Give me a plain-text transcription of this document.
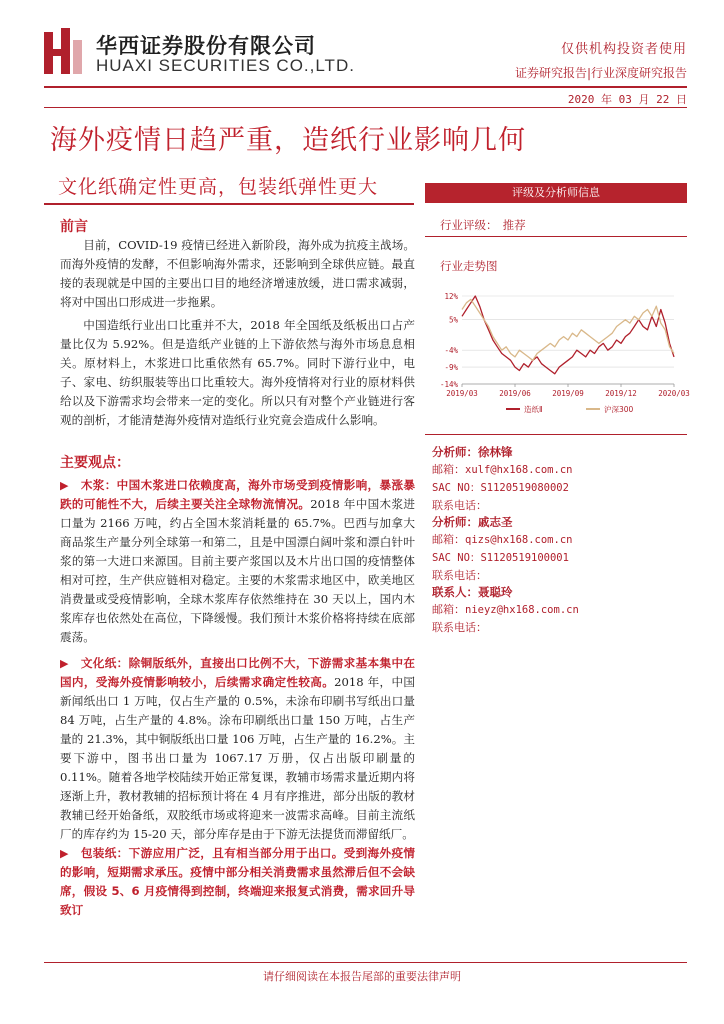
华西证券股份有限公司
HUAXI SECURITIES CO.,LTD.
仅供机构投资者使用
证券研究报告|行业深度研究报告
2020 年 03 月 22 日
海外疫情日趋严重，造纸行业影响几何
文化纸确定性更高，包装纸弹性更大
前言
目前，COVID-19 疫情已经进入新阶段，海外成为抗疫主战场。而海外疫情的发酵，不但影响海外需求，还影响到全球供应链。最直接的表现就是中国的主要出口目的地经济增速放缓，进口需求减弱，将对中国出口形成进一步拖累。
中国造纸行业出口比重并不大，2018 年全国纸及纸板出口占产量比仅为 5.92%。但是造纸产业链的上下游依然与海外市场息息相关。原材料上，木浆进口比重依然有 65.7%。同时下游行业中，电子、家电、纺织服装等出口比重较大。海外疫情将对行业的原材料供给以及下游需求均会带来一定的变化。所以只有对整个产业链进行客观的剖析，才能清楚海外疫情对造纸行业究竟会造成什么影响。
主要观点：
▶ 木浆：中国木浆进口依赖度高，海外市场受到疫情影响，暴涨暴跌的可能性不大，后续主要关注全球物流情况。2018 年中国木浆进口量为 2166 万吨，约占全国木浆消耗量的 65.7%。巴西与加拿大商品浆生产量分列全球第一和第二，且是中国漂白阔叶浆和漂白针叶浆的第一大进口来源国。目前主要产浆国以及木片出口国的疫情整体相对可控，生产供应链相对稳定。主要的木浆需求地区中，欧美地区消费量或受疫情影响，全球木浆库存依然维持在 30 天以上，国内木浆库存也依然处在高位，下降缓慢。我们预计木浆价格将持续在底部震荡。
▶ 文化纸：除铜版纸外，直接出口比例不大，下游需求基本集中在国内，受海外疫情影响较小，后续需求确定性较高。2018 年，中国新闻纸出口 1 万吨，仅占生产量的 0.5%，未涂布印刷书写纸出口量 84 万吨，占生产量的 4.8%。涂布印刷纸出口量 150 万吨，占生产量的 21.3%，其中铜版纸出口量 106 万吨，占生产量的 16.2%。主要下游中，图书出口量为 1067.17 万册，仅占出版印刷量的 0.11%。随着各地学校陆续开始正常复课，教辅市场需求量近期内将逐渐上升，教材教辅的招标预计将在 4 月有序推进，部分出版的教材教辅已经开始备纸，双胶纸市场或将迎来一波需求高峰。目前主流纸厂的库存约为 15-20 天，部分库存是由于下游无法提货而滞留纸厂。
▶ 包装纸：下游应用广泛，且有相当部分用于出口。受到海外疫情的影响，短期需求承压。疫情中部分相关消费需求虽然滞后但不会缺席，假设 5、6 月疫情得到控制，终端迎来报复式消费，需求回升导致订
评级及分析师信息
行业评级： 推荐
行业走势图
12%
5%
-4%
-9%
-14%
2019/03	2019/06	2019/09	2019/12	2020/03
造纸Ⅱ	沪深300
分析师：徐林锋
邮箱：xulf@hx168.com.cn
SAC NO：S1120519080002
联系电话：
分析师：戚志圣
邮箱：qizs@hx168.com.cn
SAC NO：S1120519100001
联系电话：
联系人：聂聪玲
邮箱：nieyz@hx168.com.cn
联系电话：
请仔细阅读在本报告尾部的重要法律声明
